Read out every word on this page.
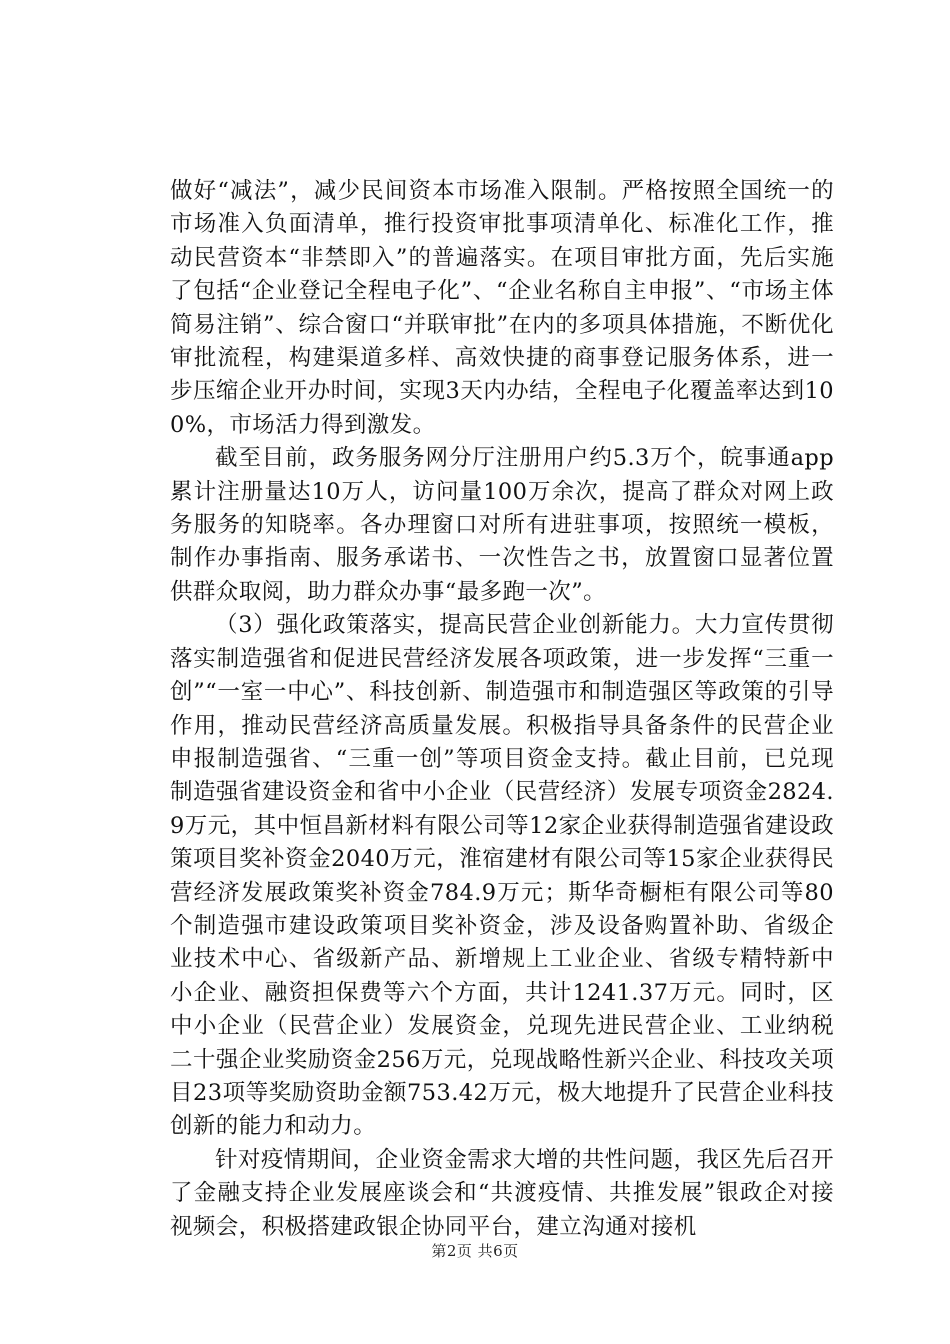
做好“减法”，减少民间资本市场准入限制。严格按照全国统一的市场准入负面清单，推行投资审批事项清单化、标准化工作，推动民营资本“非禁即入”的普遍落实。在项目审批方面，先后实施了包括“企业登记全程电子化”、“企业名称自主申报”、“市场主体简易注销”、综合窗口“并联审批”在内的多项具体措施，不断优化审批流程，构建渠道多样、高效快捷的商事登记服务体系，进一步压缩企业开办时间，实现3天内办结，全程电子化覆盖率达到100%，市场活力得到激发。

截至目前，政务服务网分厅注册用户约5.3万个，皖事通app累计注册量达10万人，访问量100万余次，提高了群众对网上政务服务的知晓率。各办理窗口对所有进驻事项，按照统一模板，制作办事指南、服务承诺书、一次性告之书，放置窗口显著位置供群众取阅，助力群众办事“最多跑一次”。

（3）强化政策落实，提高民营企业创新能力。大力宣传贯彻落实制造强省和促进民营经济发展各项政策，进一步发挥“三重一创”“一室一中心”、科技创新、制造强市和制造强区等政策的引导作用，推动民营经济高质量发展。积极指导具备条件的民营企业申报制造强省、“三重一创”等项目资金支持。截止目前，已兑现制造强省建设资金和省中小企业（民营经济）发展专项资金2824.9万元，其中恒昌新材料有限公司等12家企业获得制造强省建设政策项目奖补资金2040万元，淮宿建材有限公司等15家企业获得民营经济发展政策奖补资金784.9万元；斯华奇橱柜有限公司等80个制造强市建设政策项目奖补资金，涉及设备购置补助、省级企业技术中心、省级新产品、新增规上工业企业、省级专精特新中小企业、融资担保费等六个方面，共计1241.37万元。同时，区中小企业（民营企业）发展资金，兑现先进民营企业、工业纳税二十强企业奖励资金256万元，兑现战略性新兴企业、科技攻关项目23项等奖励资助金额753.42万元，极大地提升了民营企业科技创新的能力和动力。

针对疫情期间，企业资金需求大增的共性问题，我区先后召开了金融支持企业发展座谈会和“共渡疫情、共推发展”银政企对接视频会，积极搭建政银企协同平台，建立沟通对接机

第2页 共6页
